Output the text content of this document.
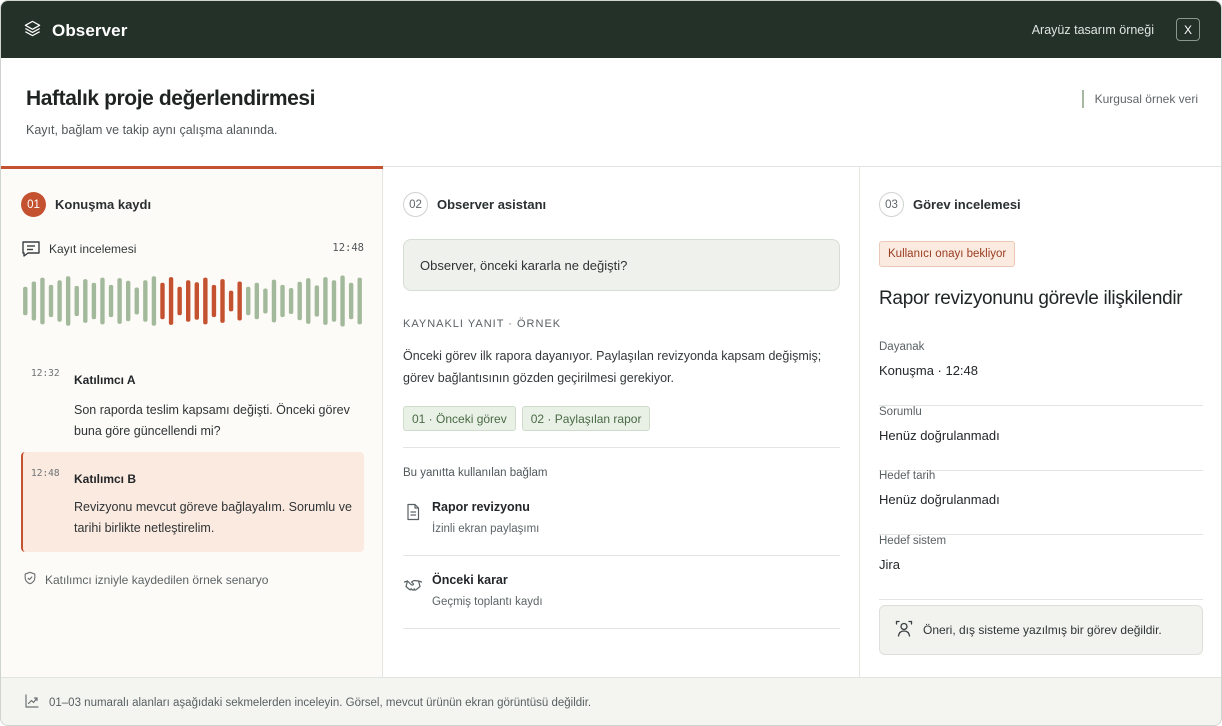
Observer	Arayüz tasarım örneği	X
Haftalık proje değerlendirmesi
Kayıt, bağlam ve takip aynı çalışma alanında.
Kurgusal örnek veri
01	Konuşma kaydı
Kayıt incelemesi	12:48
12:32 Katılımcı A
Son raporda teslim kapsamı değişti. Önceki görev buna göre güncellendi mi?
12:48 Katılımcı B
Revizyonu mevcut göreve bağlayalım. Sorumlu ve tarihi birlikte netleştirelim.
Katılımcı izniyle kaydedilen örnek senaryo
02	Observer asistanı
Observer, önceki kararla ne değişti?
KAYNAKLI YANIT · ÖRNEK
Önceki görev ilk rapora dayanıyor. Paylaşılan revizyonda kapsam değişmiş; görev bağlantısının gözden geçirilmesi gerekiyor.
01 · Önceki görev	02 · Paylaşılan rapor
Bu yanıtta kullanılan bağlam
Rapor revizyonu
İzinli ekran paylaşımı
Önceki karar
Geçmiş toplantı kaydı
03	Görev incelemesi
Kullanıcı onayı bekliyor
Rapor revizyonunu görevle ilişkilendir
Dayanak
Konuşma · 12:48
Sorumlu
Henüz doğrulanmadı
Hedef tarih
Henüz doğrulanmadı
Hedef sistem
Jira
Öneri, dış sisteme yazılmış bir görev değildir.
01–03 numaralı alanları aşağıdaki sekmelerden inceleyin. Görsel, mevcut ürünün ekran görüntüsü değildir.
